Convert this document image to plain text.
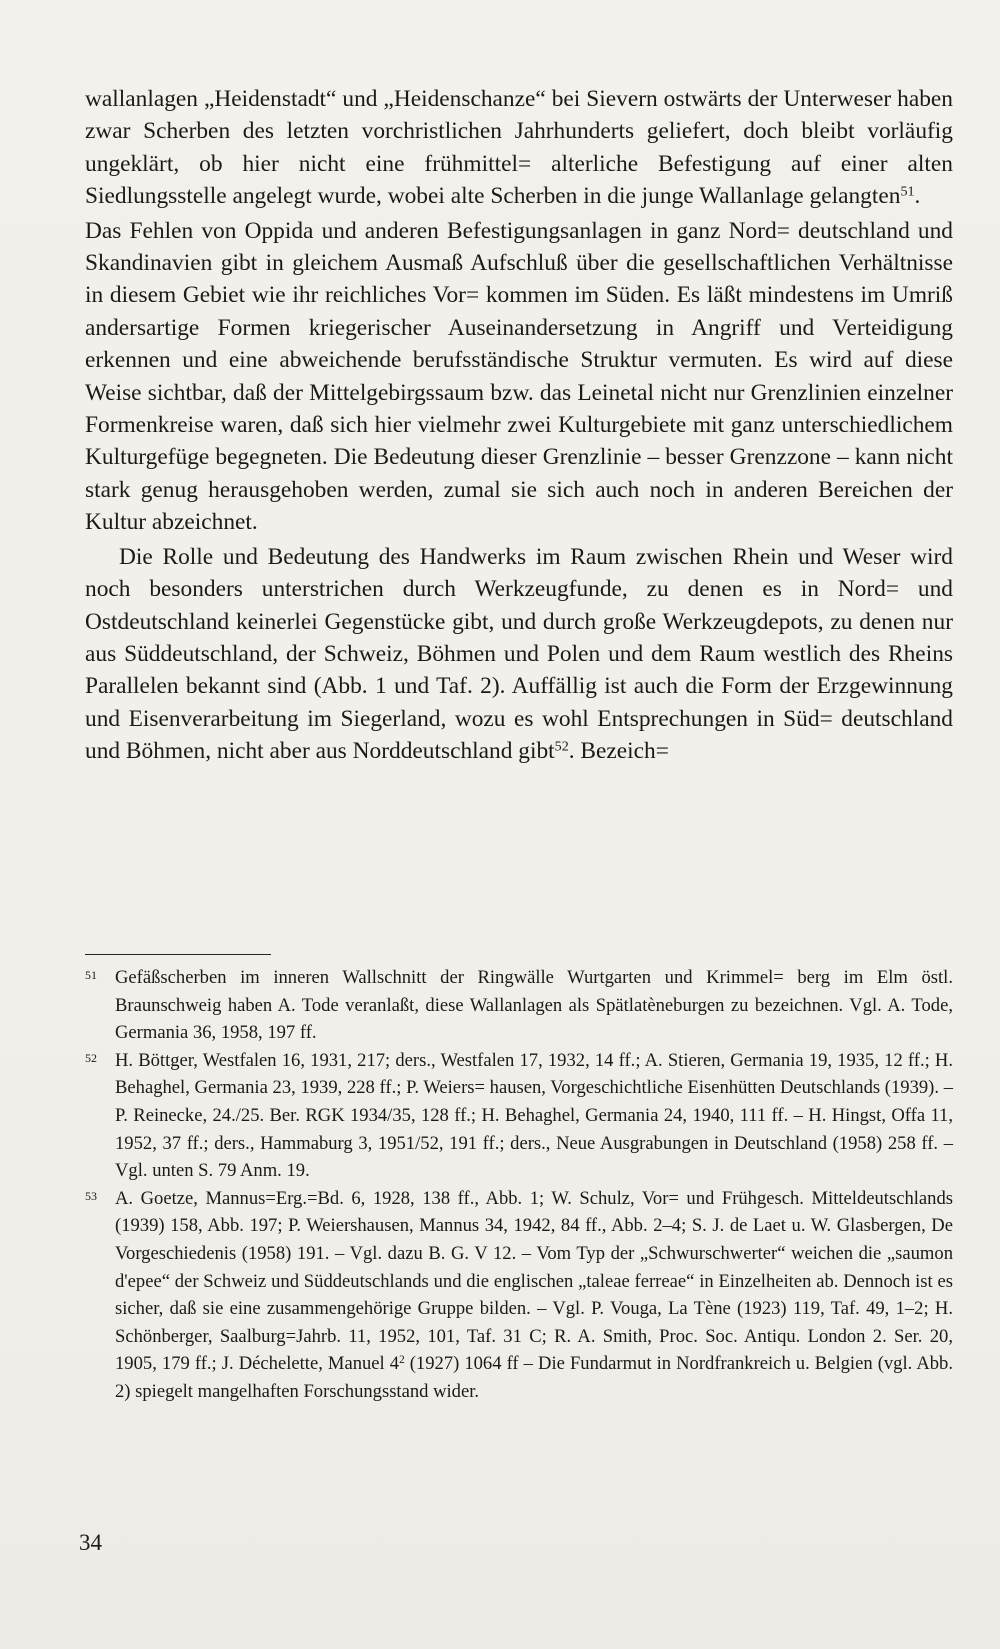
wallanlagen „Heidenstadt“ und „Heidenschanze“ bei Sievern ostwärts der Unterweser haben zwar Scherben des letzten vorchristlichen Jahrhunderts geliefert, doch bleibt vorläufig ungeklärt, ob hier nicht eine frühmittel= alterliche Befestigung auf einer alten Siedlungsstelle angelegt wurde, wobei alte Scherben in die junge Wallanlage gelangten$^{51}$.

Das Fehlen von Oppida und anderen Befestigungsanlagen in ganz Nord= deutschland und Skandinavien gibt in gleichem Ausmaß Aufschluß über die gesellschaftlichen Verhältnisse in diesem Gebiet wie ihr reichliches Vor= kommen im Süden. Es läßt mindestens im Umriß andersartige Formen kriegerischer Auseinandersetzung in Angriff und Verteidigung erkennen und eine abweichende berufsständische Struktur vermuten. Es wird auf diese Weise sichtbar, daß der Mittelgebirgssaum bzw. das Leinetal nicht nur Grenzlinien einzelner Formenkreise waren, daß sich hier vielmehr zwei Kulturgebiete mit ganz unterschiedlichem Kulturgefüge begegneten. Die Bedeutung dieser Grenzlinie – besser Grenzzone – kann nicht stark genug herausgehoben werden, zumal sie sich auch noch in anderen Bereichen der Kultur abzeichnet.

Die Rolle und Bedeutung des Handwerks im Raum zwischen Rhein und Weser wird noch besonders unterstrichen durch Werkzeugfunde, zu denen es in Nord= und Ostdeutschland keinerlei Gegenstücke gibt, und durch große Werkzeugdepots, zu denen nur aus Süddeutschland, der Schweiz, Böhmen und Polen und dem Raum westlich des Rheins Parallelen bekannt sind (Abb. 1 und Taf. 2). Auffällig ist auch die Form der Erzgewinnung und Eisenverarbeitung im Siegerland, wozu es wohl Entsprechungen in Süd= deutschland und Böhmen, nicht aber aus Norddeutschland gibt$^{52}$. Bezeich=

51 Gefäßscherben im inneren Wallschnitt der Ringwälle Wurtgarten und Krimmel= berg im Elm östl. Braunschweig haben A. Tode veranlaßt, diese Wallanlagen als Spätlatèneburgen zu bezeichnen. Vgl. A. Tode, Germania 36, 1958, 197 ff.
52 H. Böttger, Westfalen 16, 1931, 217; ders., Westfalen 17, 1932, 14 ff.; A. Stieren, Germania 19, 1935, 12 ff.; H. Behaghel, Germania 23, 1939, 228 ff.; P. Weiers= hausen, Vorgeschichtliche Eisenhütten Deutschlands (1939). – P. Reinecke, 24./25. Ber. RGK 1934/35, 128 ff.; H. Behaghel, Germania 24, 1940, 111 ff. – H. Hingst, Offa 11, 1952, 37 ff.; ders., Hammaburg 3, 1951/52, 191 ff.; ders., Neue Ausgrabungen in Deutschland (1958) 258 ff. – Vgl. unten S. 79 Anm. 19.
53 A. Goetze, Mannus=Erg.=Bd. 6, 1928, 138 ff., Abb. 1; W. Schulz, Vor= und Frühgesch. Mitteldeutschlands (1939) 158, Abb. 197; P. Weiershausen, Mannus 34, 1942, 84 ff., Abb. 2–4; S. J. de Laet u. W. Glasbergen, De Vorgeschiedenis (1958) 191. – Vgl. dazu B. G. V 12. – Vom Typ der „Schwurschwerter“ weichen die „saumon d'epee“ der Schweiz und Süddeutschlands und die englischen „taleae ferreae“ in Einzelheiten ab. Dennoch ist es sicher, daß sie eine zusammengehörige Gruppe bilden. – Vgl. P. Vouga, La Tène (1923) 119, Taf. 49, 1–2; H. Schönberger, Saalburg=Jahrb. 11, 1952, 101, Taf. 31 C; R. A. Smith, Proc. Soc. Antiqu. London 2. Ser. 20, 1905, 179 ff.; J. Déchelette, Manuel $4^2$ (1927) 1064 ff – Die Fundarmut in Nordfrankreich u. Belgien (vgl. Abb. 2) spiegelt mangelhaften Forschungsstand wider.
34
